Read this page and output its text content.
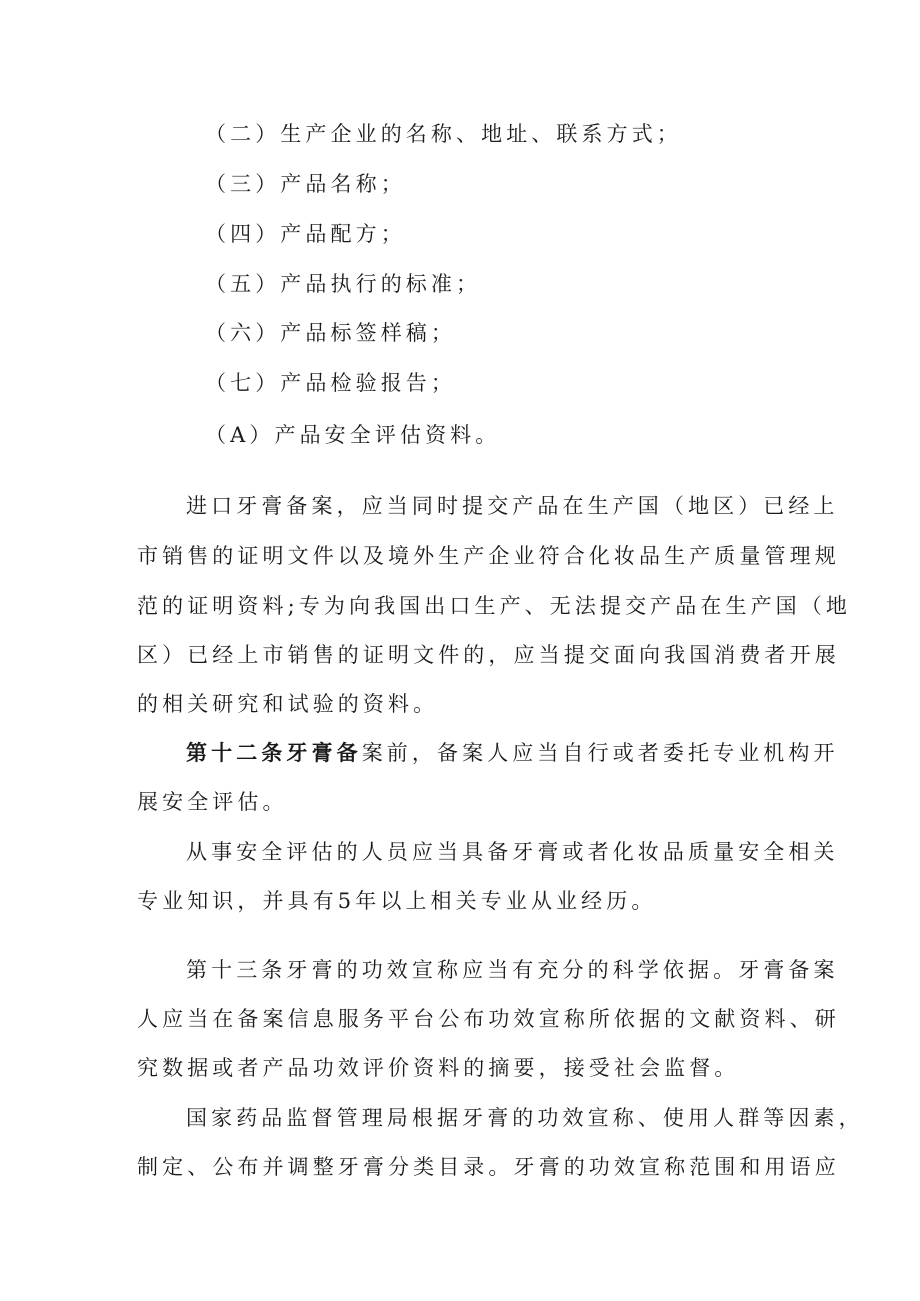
（二）生产企业的名称、地址、联系方式；
（三）产品名称；
（四）产品配方；
（五）产品执行的标准；
（六）产品标签样稿；
（七）产品检验报告；
（A）产品安全评估资料。
进口牙膏备案，应当同时提交产品在生产国（地区）已经上
市销售的证明文件以及境外生产企业符合化妆品生产质量管理规
范的证明资料;专为向我国出口生产、无法提交产品在生产国（地
区）已经上市销售的证明文件的，应当提交面向我国消费者开展
的相关研究和试验的资料。
第十二条牙膏备案前，备案人应当自行或者委托专业机构开
展安全评估。
从事安全评估的人员应当具备牙膏或者化妆品质量安全相关
专业知识，并具有5年以上相关专业从业经历。
第十三条牙膏的功效宣称应当有充分的科学依据。牙膏备案
人应当在备案信息服务平台公布功效宣称所依据的文献资料、研
究数据或者产品功效评价资料的摘要，接受社会监督。
国家药品监督管理局根据牙膏的功效宣称、使用人群等因素，
制定、公布并调整牙膏分类目录。牙膏的功效宣称范围和用语应
